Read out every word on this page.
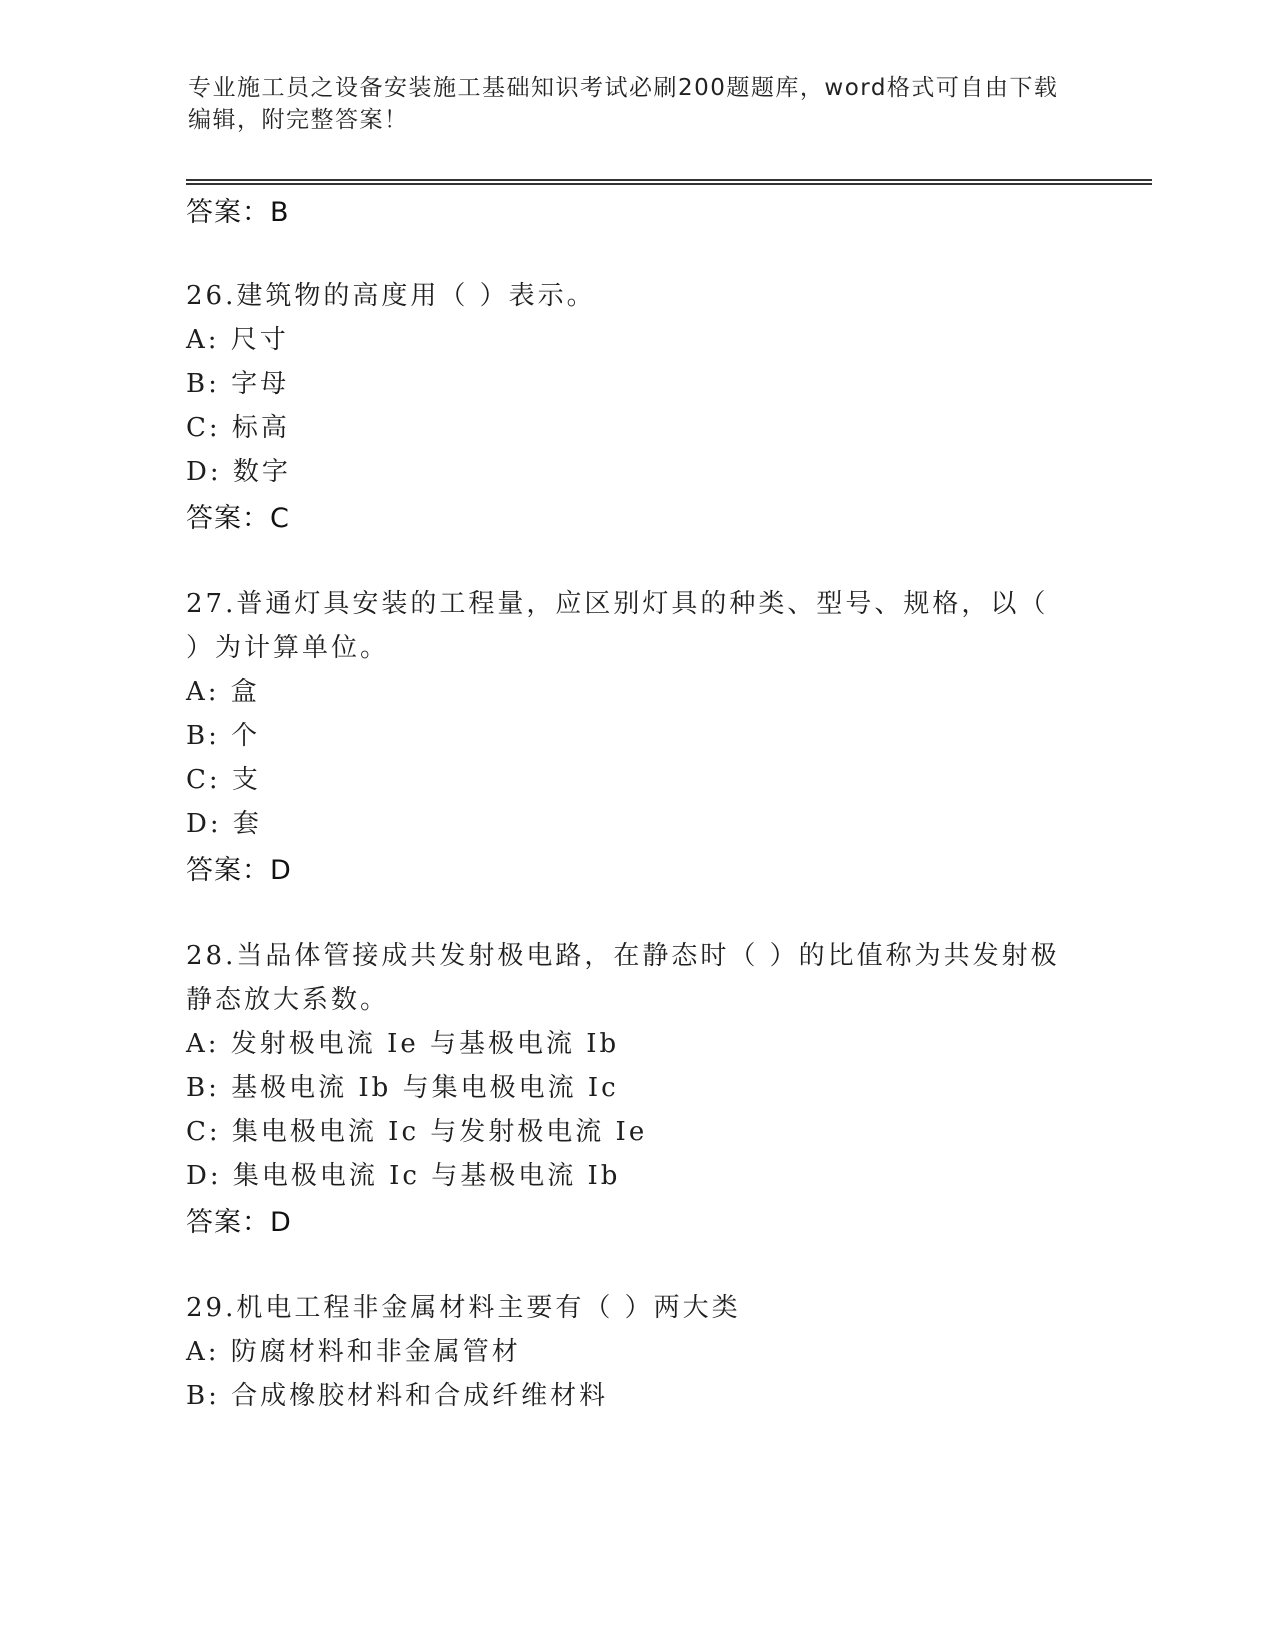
专业施工员之设备安装施工基础知识考试必刷200题题库，word格式可自由下载
编辑，附完整答案！
答案：B
26.建筑物的高度用（ ）表示。
A: 尺寸
B: 字母
C: 标高
D: 数字
答案：C
27.普通灯具安装的工程量，应区别灯具的种类、型号、规格，以（
）为计算单位。
A: 盒
B: 个
C: 支
D: 套
答案：D
28.当品体管接成共发射极电路，在静态时（ ）的比值称为共发射极
静态放大系数。
A: 发射极电流 Ie 与基极电流 Ib
B: 基极电流 Ib 与集电极电流 Ic
C: 集电极电流 Ic 与发射极电流 Ie
D: 集电极电流 Ic 与基极电流 Ib
答案：D
29.机电工程非金属材料主要有（ ）两大类
A: 防腐材料和非金属管材
B: 合成橡胶材料和合成纤维材料
